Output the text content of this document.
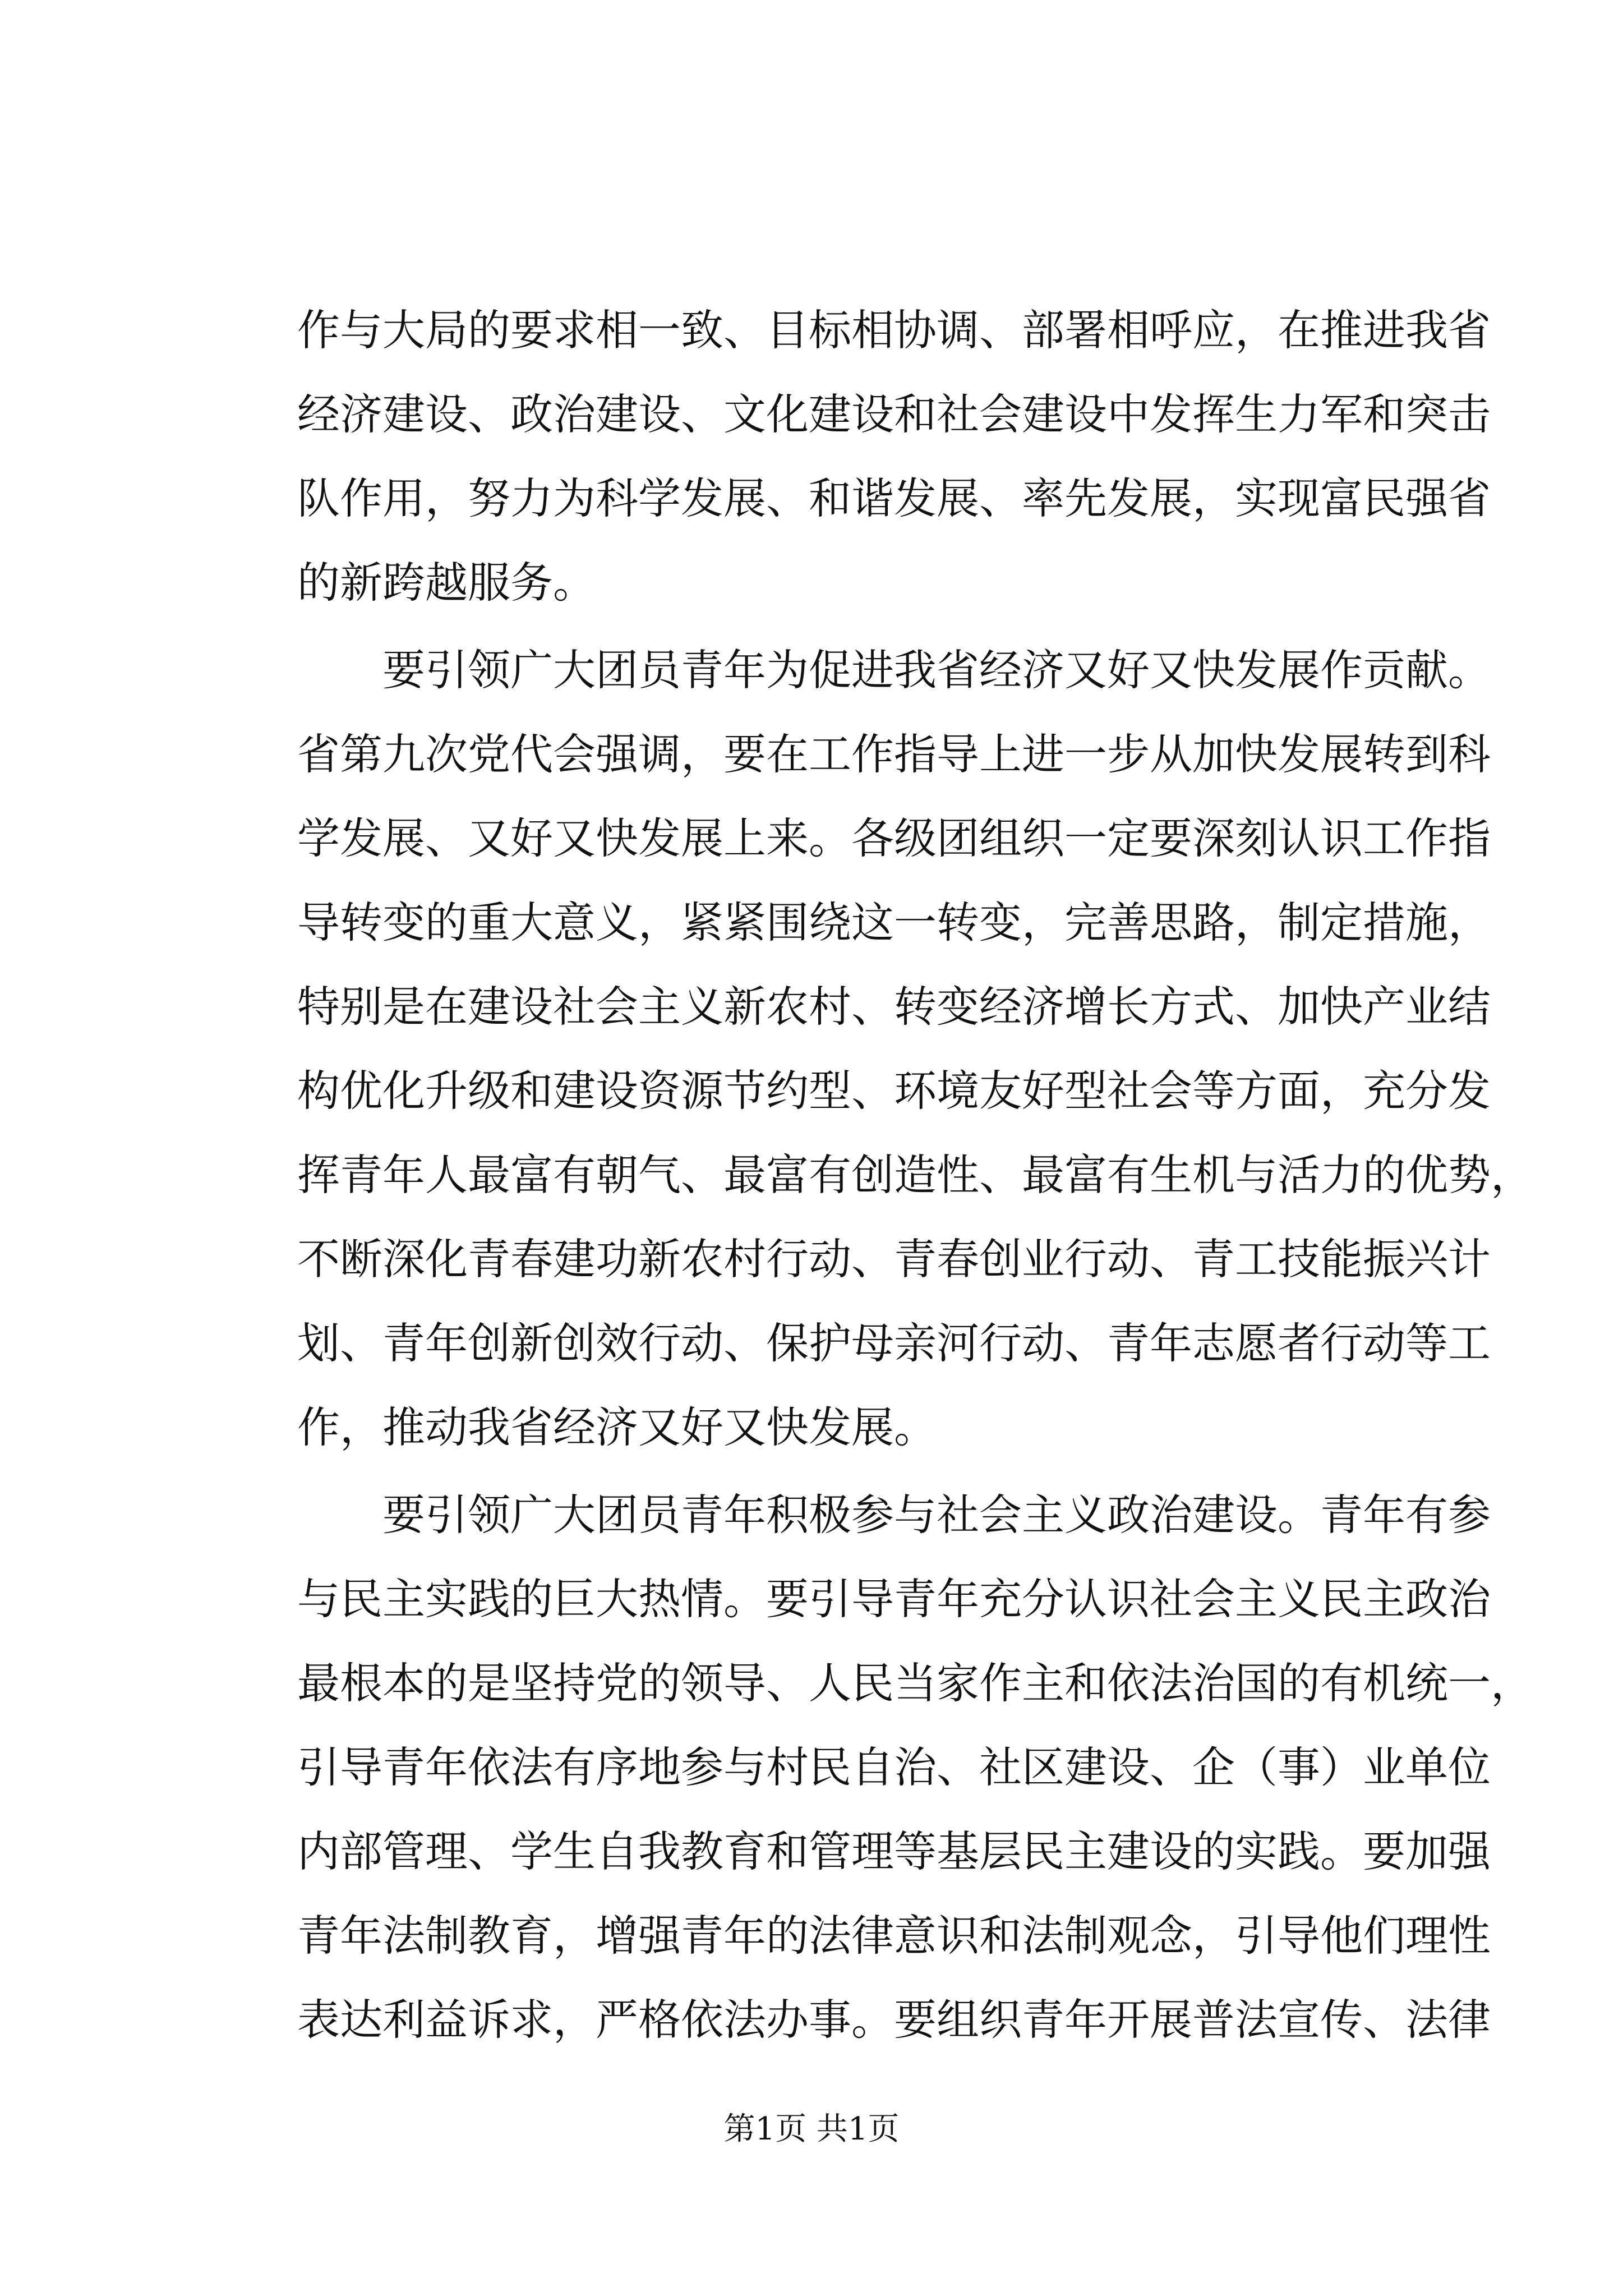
作与大局的要求相一致、目标相协调、部署相呼应，在推进我省
经济建设、政治建设、文化建设和社会建设中发挥生力军和突击
队作用，努力为科学发展、和谐发展、率先发展，实现富民强省
的新跨越服务。
要引领广大团员青年为促进我省经济又好又快发展作贡献。
省第九次党代会强调，要在工作指导上进一步从加快发展转到科
学发展、又好又快发展上来。各级团组织一定要深刻认识工作指
导转变的重大意义，紧紧围绕这一转变，完善思路，制定措施，
特别是在建设社会主义新农村、转变经济增长方式、加快产业结
构优化升级和建设资源节约型、环境友好型社会等方面，充分发
挥青年人最富有朝气、最富有创造性、最富有生机与活力的优势，
不断深化青春建功新农村行动、青春创业行动、青工技能振兴计
划、青年创新创效行动、保护母亲河行动、青年志愿者行动等工
作，推动我省经济又好又快发展。
要引领广大团员青年积极参与社会主义政治建设。青年有参
与民主实践的巨大热情。要引导青年充分认识社会主义民主政治
最根本的是坚持党的领导、人民当家作主和依法治国的有机统一，
引导青年依法有序地参与村民自治、社区建设、企（事）业单位
内部管理、学生自我教育和管理等基层民主建设的实践。要加强
青年法制教育，增强青年的法律意识和法制观念，引导他们理性
表达利益诉求，严格依法办事。要组织青年开展普法宣传、法律
第1页 共1页
